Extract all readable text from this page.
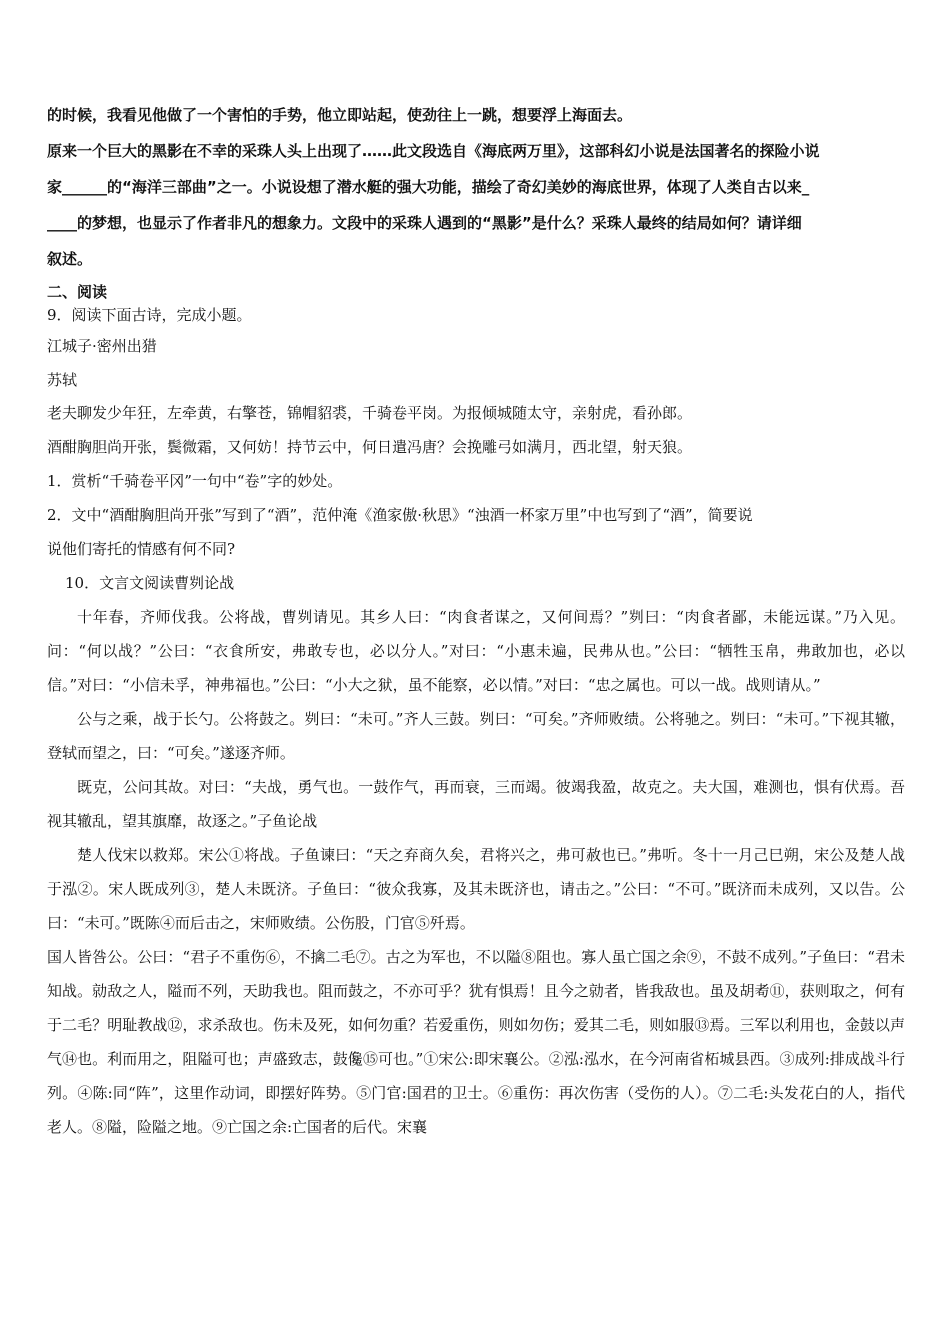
的时候，我看见他做了一个害怕的手势，他立即站起，使劲往上一跳，想要浮上海面去。

原来一个巨大的黑影在不幸的采珠人头上出现了……此文段选自《海底两万里》，这部科幻小说是法国著名的探险小说

家______的“海洋三部曲”之一。小说设想了潜水艇的强大功能，描绘了奇幻美妙的海底世界，体现了人类自古以来_

____的梦想，也显示了作者非凡的想象力。文段中的采珠人遇到的“黑影”是什么？采珠人最终的结局如何？请详细

叙述。

二、阅读

9．阅读下面古诗，完成小题。

江城子·密州出猎

苏轼

老夫聊发少年狂，左牵黄，右擎苍，锦帽貂裘，千骑卷平岗。为报倾城随太守，亲射虎，看孙郎。

酒酣胸胆尚开张，鬓微霜，又何妨！持节云中，何日遣冯唐？会挽雕弓如满月，西北望，射天狼。

1．赏析“千骑卷平冈”一句中“卷”字的妙处。

2．文中“酒酣胸胆尚开张”写到了“酒”，范仲淹《渔家傲·秋思》“浊酒一杯家万里”中也写到了“酒”，简要说

说他们寄托的情感有何不同?

10．文言文阅读曹刿论战

十年春，齐师伐我。公将战，曹刿请见。其乡人曰：“肉食者谋之，又何间焉？”刿曰：“肉食者鄙，未能远谋。”乃入见。问：“何以战？”公曰：“衣食所安，弗敢专也，必以分人。”对曰：“小惠未遍，民弗从也。”公曰：“牺牲玉帛，弗敢加也，必以信。”对曰：“小信未孚，神弗福也。”公曰：“小大之狱，虽不能察，必以情。”对曰：“忠之属也。可以一战。战则请从。”

公与之乘，战于长勺。公将鼓之。刿曰：“未可。”齐人三鼓。刿曰：“可矣。”齐师败绩。公将驰之。刿曰：“未可。”下视其辙，登轼而望之，曰：“可矣。”遂逐齐师。

既克，公问其故。对曰：“夫战，勇气也。一鼓作气，再而衰，三而竭。彼竭我盈，故克之。夫大国，难测也，惧有伏焉。吾视其辙乱，望其旗靡，故逐之。”子鱼论战

楚人伐宋以救郑。宋公①将战。子鱼谏曰：“天之弃商久矣，君将兴之，弗可赦也已。”弗听。冬十一月己巳朔，宋公及楚人战于泓②。宋人既成列③，楚人未既济。子鱼曰：“彼众我寡，及其未既济也，请击之。”公曰：“不可。”既济而未成列，又以告。公曰：“未可。”既陈④而后击之，宋师败绩。公伤股，门官⑤歼焉。

国人皆咎公。公曰：“君子不重伤⑥，不擒二毛⑦。古之为军也，不以隘⑧阻也。寡人虽亡国之余⑨，不鼓不成列。”子鱼曰：“君未知战。勍敌之人，隘而不列，天助我也。阻而鼓之，不亦可乎？犹有惧焉！且今之勍者，皆我敌也。虽及胡耇⑪，获则取之，何有于二毛？明耻教战⑫，求杀敌也。伤未及死，如何勿重？若爱重伤，则如勿伤；爱其二毛，则如服⑬焉。三军以利用也，金鼓以声气⑭也。利而用之，阻隘可也；声盛致志，鼓儳⑮可也。”①宋公:即宋襄公。②泓:泓水，在今河南省柘城县西。③成列:排成战斗行列。④陈:同“阵”，这里作动词，即摆好阵势。⑤门官:国君的卫士。⑥重伤：再次伤害（受伤的人）。⑦二毛:头发花白的人，指代老人。⑧隘，险隘之地。⑨亡国之余:亡国者的后代。宋襄
